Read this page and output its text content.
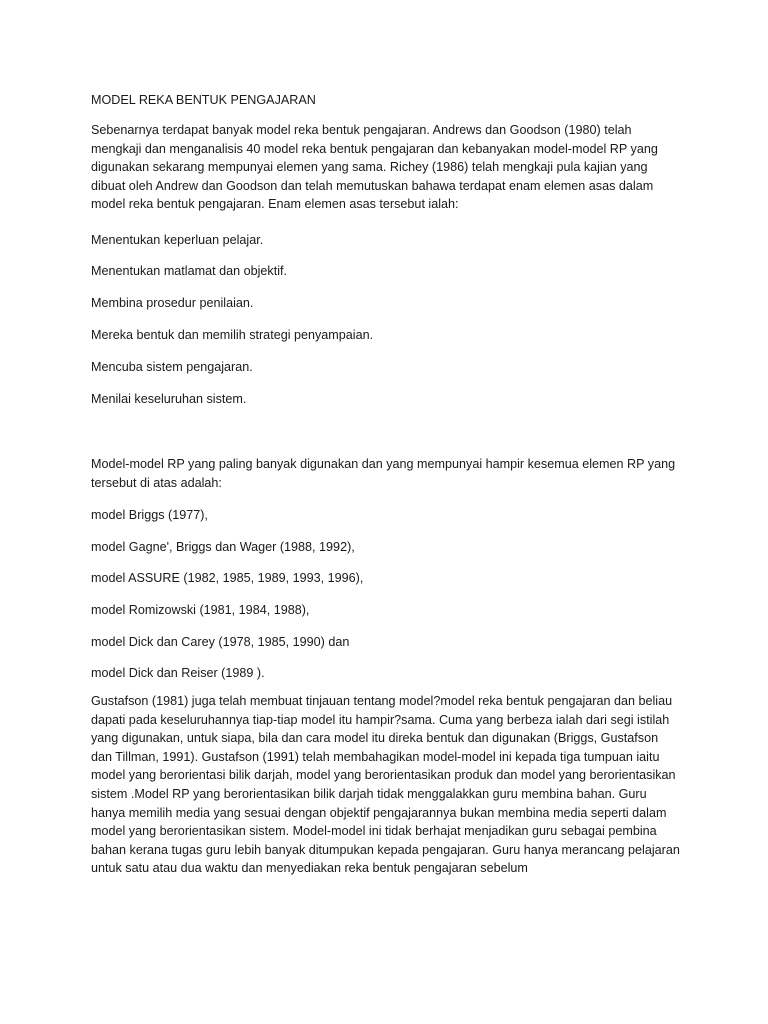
MODEL REKA BENTUK PENGAJARAN

Sebenarnya terdapat banyak model reka bentuk pengajaran. Andrews dan Goodson (1980) telah mengkaji dan menganalisis 40 model reka bentuk pengajaran dan kebanyakan model-model RP yang digunakan sekarang mempunyai elemen yang sama. Richey (1986) telah mengkaji pula kajian yang dibuat oleh Andrew dan Goodson dan telah memutuskan bahawa terdapat enam elemen asas dalam model reka bentuk pengajaran. Enam elemen asas tersebut ialah:

Menentukan keperluan pelajar.

Menentukan matlamat dan objektif.

Membina prosedur penilaian.

Mereka bentuk dan memilih strategi penyampaian.

Mencuba sistem pengajaran.

Menilai keseluruhan sistem.

Model-model RP yang paling banyak digunakan dan yang mempunyai hampir kesemua elemen RP yang tersebut di atas adalah:

model Briggs (1977),

model Gagne', Briggs dan Wager (1988, 1992),

model ASSURE (1982, 1985, 1989, 1993, 1996),

model Romizowski (1981, 1984, 1988),

model Dick dan Carey (1978, 1985, 1990) dan

model Dick dan Reiser (1989 ).

Gustafson (1981) juga telah membuat tinjauan tentang model?model reka bentuk pengajaran dan beliau dapati pada keseluruhannya tiap-tiap model itu hampir?sama. Cuma yang berbeza ialah dari segi istilah yang digunakan, untuk siapa, bila dan cara model itu direka bentuk dan digunakan (Briggs, Gustafson dan Tillman, 1991). Gustafson (1991) telah membahagikan model-model ini kepada tiga tumpuan iaitu model yang berorientasi bilik darjah, model yang berorientasikan produk dan model yang berorientasikan sistem .Model RP yang berorientasikan bilik darjah tidak menggalakkan guru membina bahan. Guru hanya memilih media yang sesuai dengan objektif pengajarannya bukan membina media seperti dalam model yang berorientasikan sistem. Model-model ini tidak berhajat menjadikan guru sebagai pembina bahan kerana tugas guru lebih banyak ditumpukan kepada pengajaran. Guru hanya merancang pelajaran untuk satu atau dua waktu dan menyediakan reka bentuk pengajaran sebelum
